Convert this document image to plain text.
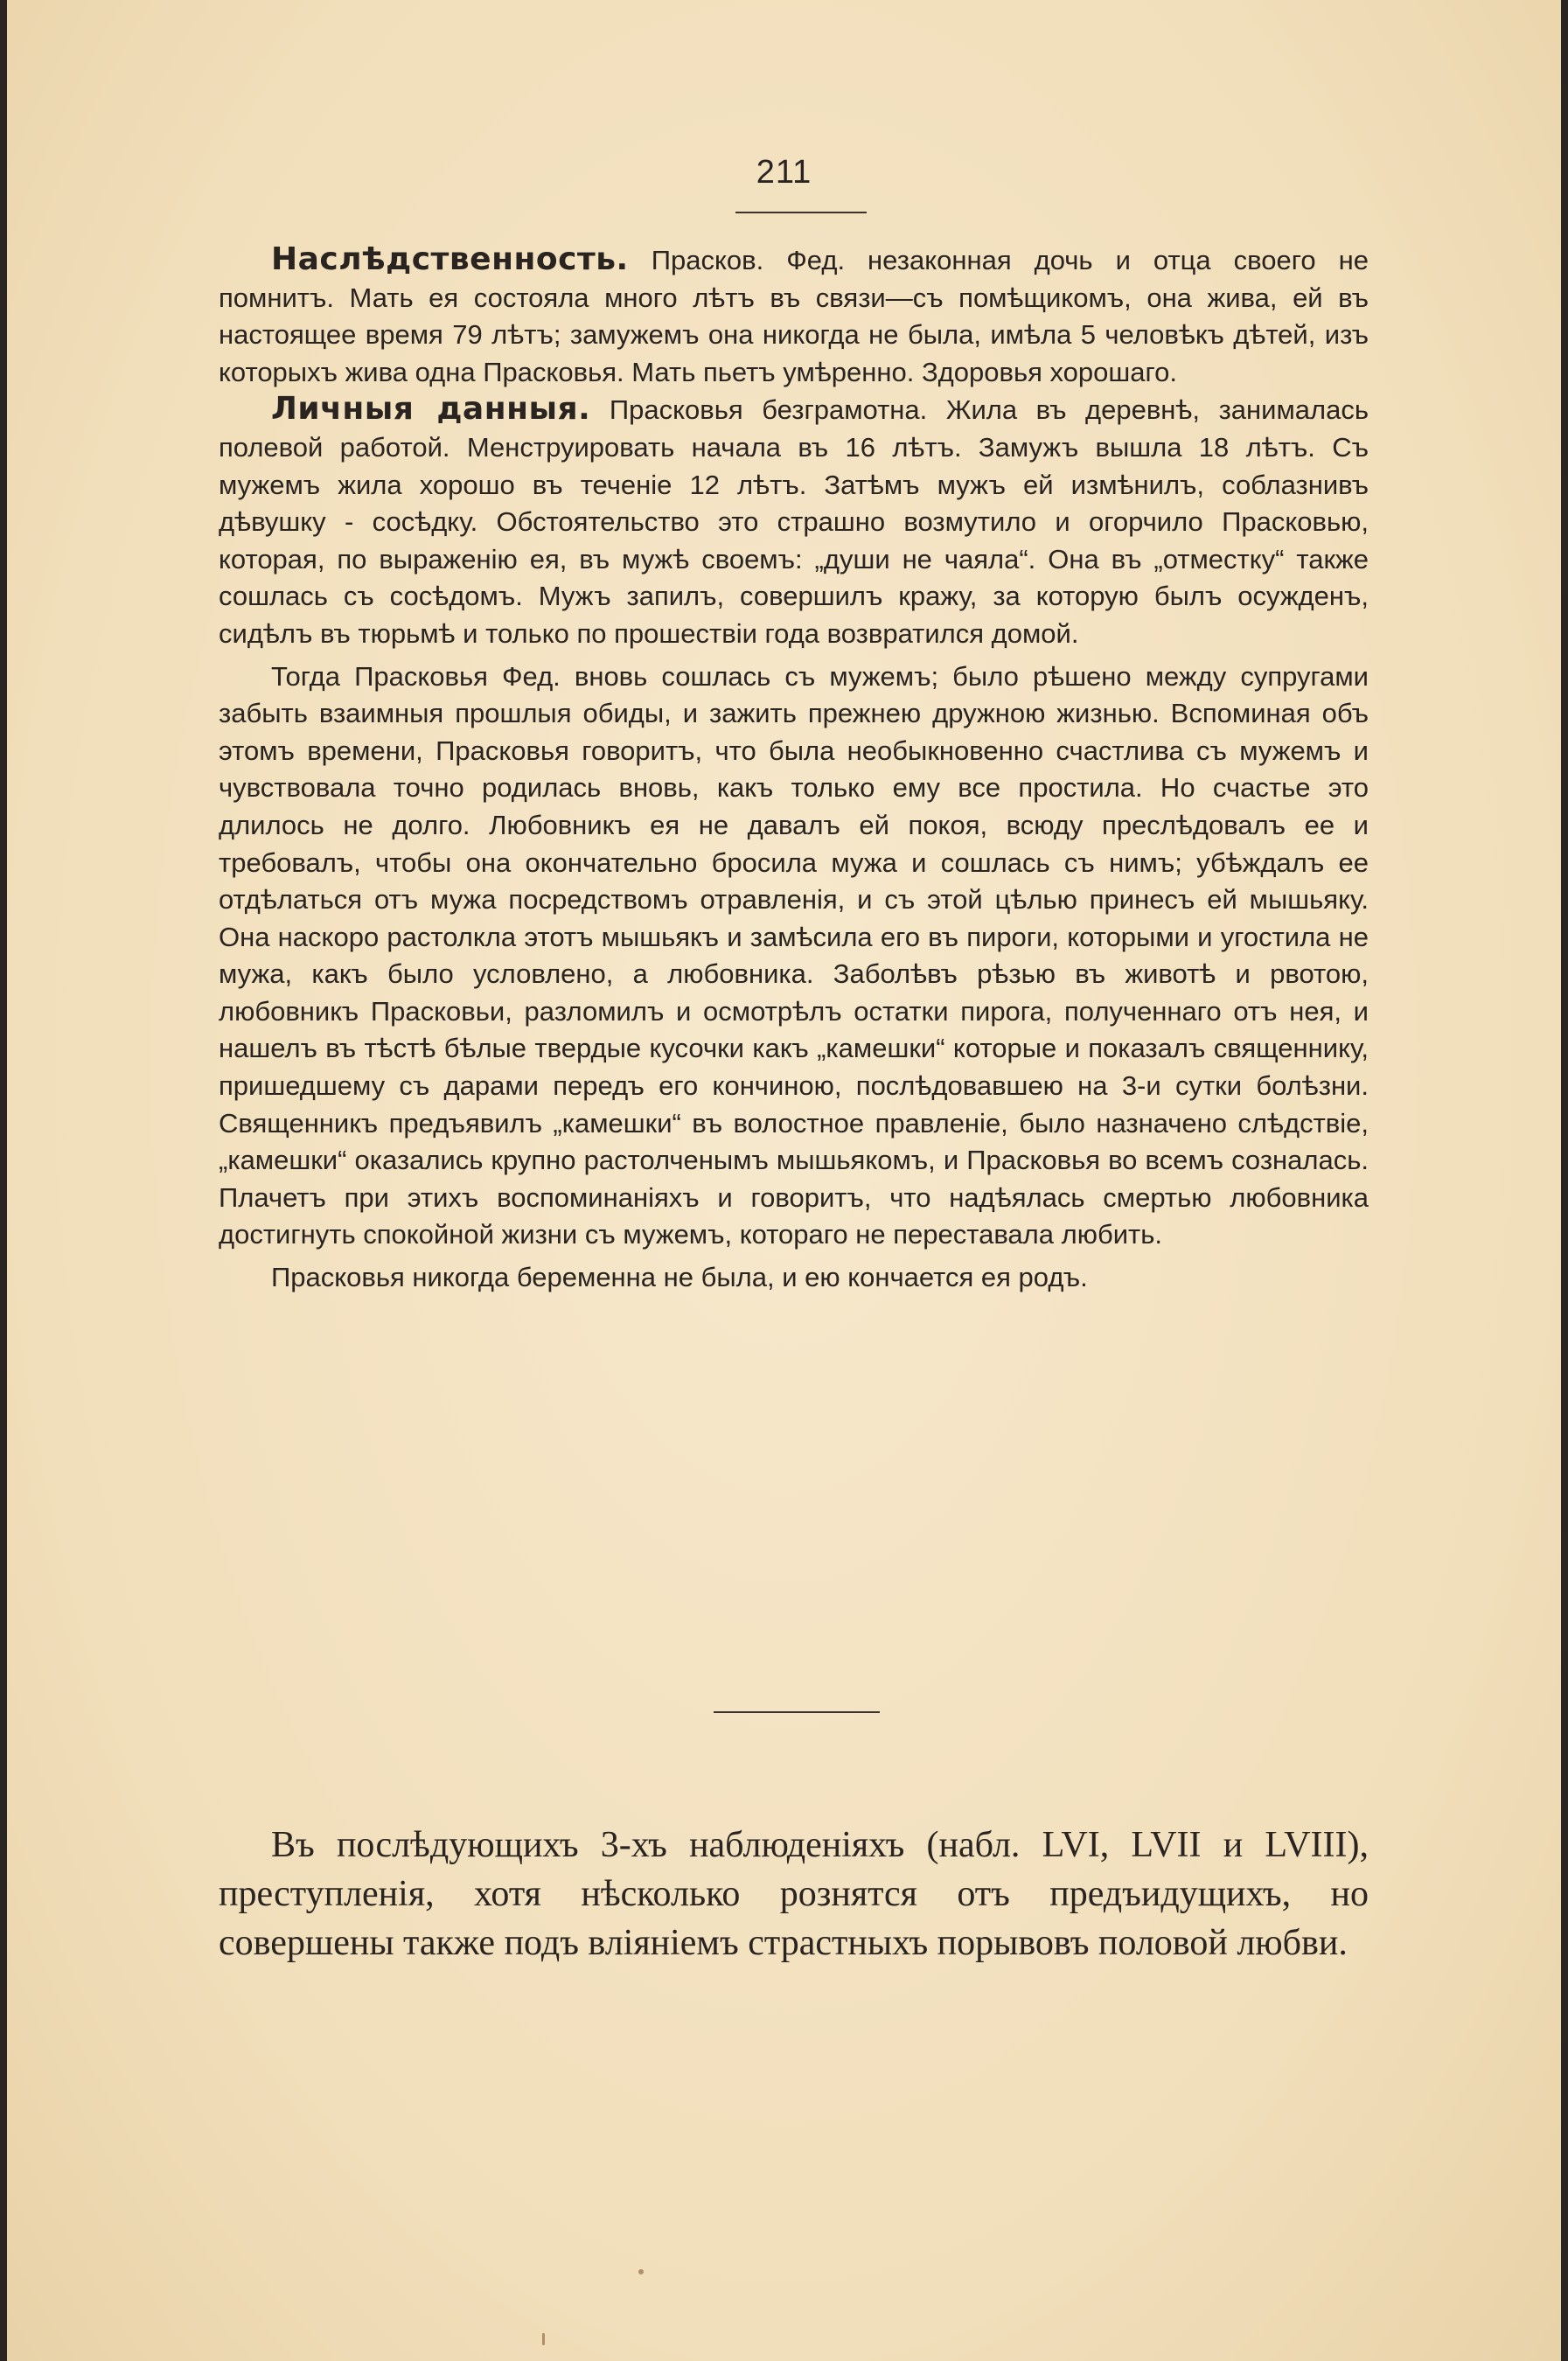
211

Наслѣдственность. Прасков. Фед. незаконная дочь и отца своего не помнитъ. Мать ея состояла много лѣтъ въ связи—съ помѣщикомъ, она жива, ей въ настоящее время 79 лѣтъ; замужемъ она никогда не была, имѣла 5 человѣкъ дѣтей, изъ которыхъ жива одна Прасковья. Мать пьетъ умѣренно. Здоровья хорошаго.

Личныя данныя. Прасковья безграмотна. Жила въ деревнѣ, занималась полевой работой. Менструировать начала въ 16 лѣтъ. Замужъ вышла 18 лѣтъ. Съ мужемъ жила хорошо въ теченіе 12 лѣтъ. Затѣмъ мужъ ей измѣнилъ, соблазнивъ дѣвушку - сосѣдку. Обстоятельство это страшно возмутило и огорчило Прасковью, которая, по выраженію ея, въ мужѣ своемъ: „души не чаяла“. Она въ „отместку“ также сошлась съ сосѣдомъ. Мужъ запилъ, совершилъ кражу, за которую былъ осужденъ, сидѣлъ въ тюрьмѣ и только по прошествіи года возвратился домой.

Тогда Прасковья Фед. вновь сошлась съ мужемъ; было рѣшено между супругами забыть взаимныя прошлыя обиды, и зажить прежнею дружною жизнью. Вспоминая объ этомъ времени, Прасковья говоритъ, что была необыкновенно счастлива съ мужемъ и чувствовала точно родилась вновь, какъ только ему все простила. Но счастье это длилось не долго. Любовникъ ея не давалъ ей покоя, всюду преслѣдовалъ ее и требовалъ, чтобы она окончательно бросила мужа и сошлась съ нимъ; убѣждалъ ее отдѣлаться отъ мужа посредствомъ отравленія, и съ этой цѣлью принесъ ей мышьяку. Она наскоро растолкла этотъ мышьякъ и замѣсила его въ пироги, которыми и угостила не мужа, какъ было условлено, а любовника. Заболѣвъ рѣзью въ животѣ и рвотою, любовникъ Прасковьи, разломилъ и осмотрѣлъ остатки пирога, полученнаго отъ нея, и нашелъ въ тѣстѣ бѣлые твердые кусочки какъ „камешки“ которые и показалъ священнику, пришедшему съ дарами передъ его кончиною, послѣдовавшею на 3-и сутки болѣзни. Священникъ предъявилъ „камешки“ въ волостное правленіе, было назначено слѣдствіе, „камешки“ оказались крупно растолченымъ мышьякомъ, и Прасковья во всемъ созналась. Плачетъ при этихъ воспоминаніяхъ и говоритъ, что надѣялась смертью любовника достигнуть спокойной жизни съ мужемъ, котораго не переставала любить.

Прасковья никогда беременна не была, и ею кончается ея родъ.

Въ послѣдующихъ 3-хъ наблюденіяхъ (набл. LVI, LVII и LVIII), преступленія, хотя нѣсколько рознятся отъ предъидущихъ, но совершены также подъ вліяніемъ страстныхъ порывовъ половой любви.
